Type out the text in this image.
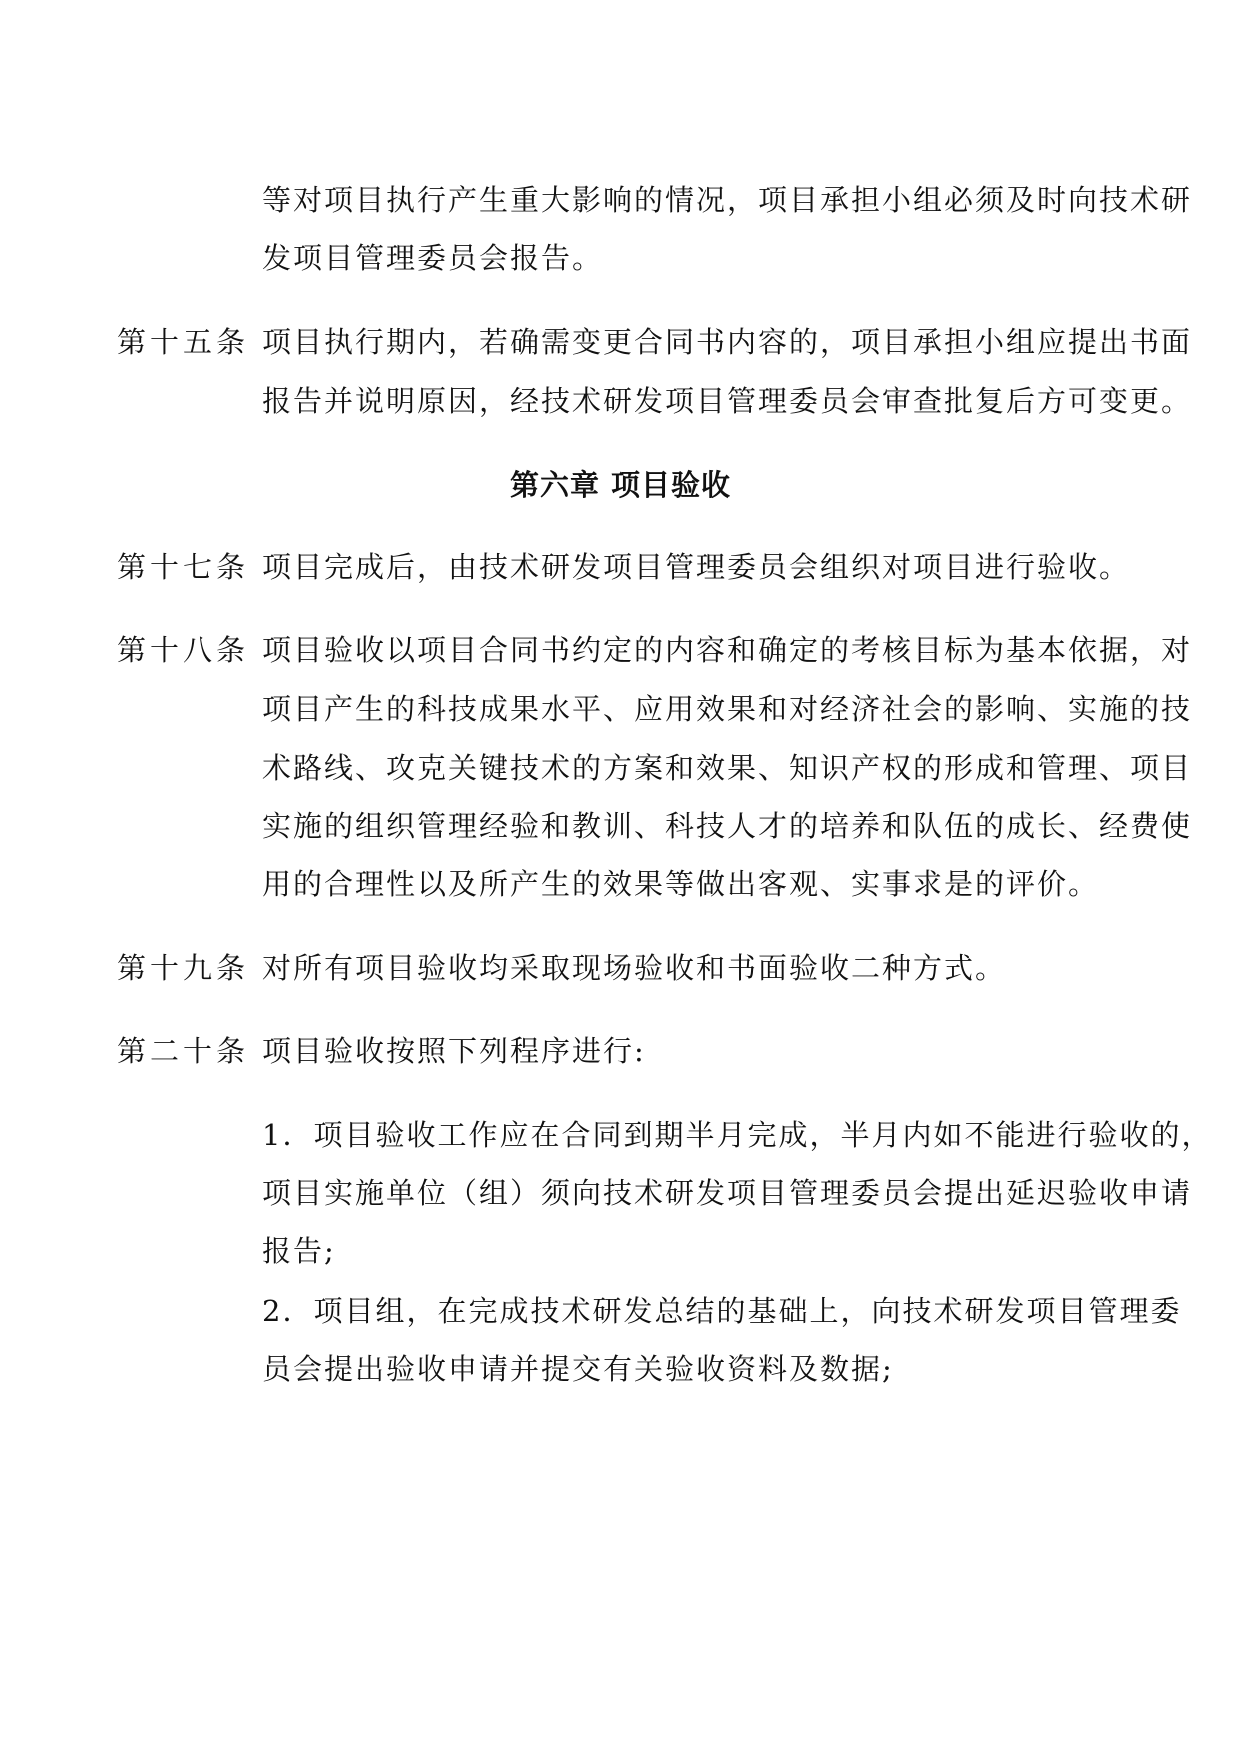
等对项目执行产生重大影响的情况，项目承担小组必须及时向技术研
发项目管理委员会报告。
第十五条 项目执行期内，若确需变更合同书内容的，项目承担小组应提出书面
报告并说明原因，经技术研发项目管理委员会审查批复后方可变更。
第六章 项目验收
第十七条 项目完成后，由技术研发项目管理委员会组织对项目进行验收。
第十八条 项目验收以项目合同书约定的内容和确定的考核目标为基本依据，对
项目产生的科技成果水平、应用效果和对经济社会的影响、实施的技
术路线、攻克关键技术的方案和效果、知识产权的形成和管理、项目
实施的组织管理经验和教训、科技人才的培养和队伍的成长、经费使
用的合理性以及所产生的效果等做出客观、实事求是的评价。
第十九条 对所有项目验收均采取现场验收和书面验收二种方式。
第二十条 项目验收按照下列程序进行:
1．项目验收工作应在合同到期半月完成，半月内如不能进行验收的，
项目实施单位（组）须向技术研发项目管理委员会提出延迟验收申请
报告;
2．项目组，在完成技术研发总结的基础上，向技术研发项目管理委
员会提出验收申请并提交有关验收资料及数据;
